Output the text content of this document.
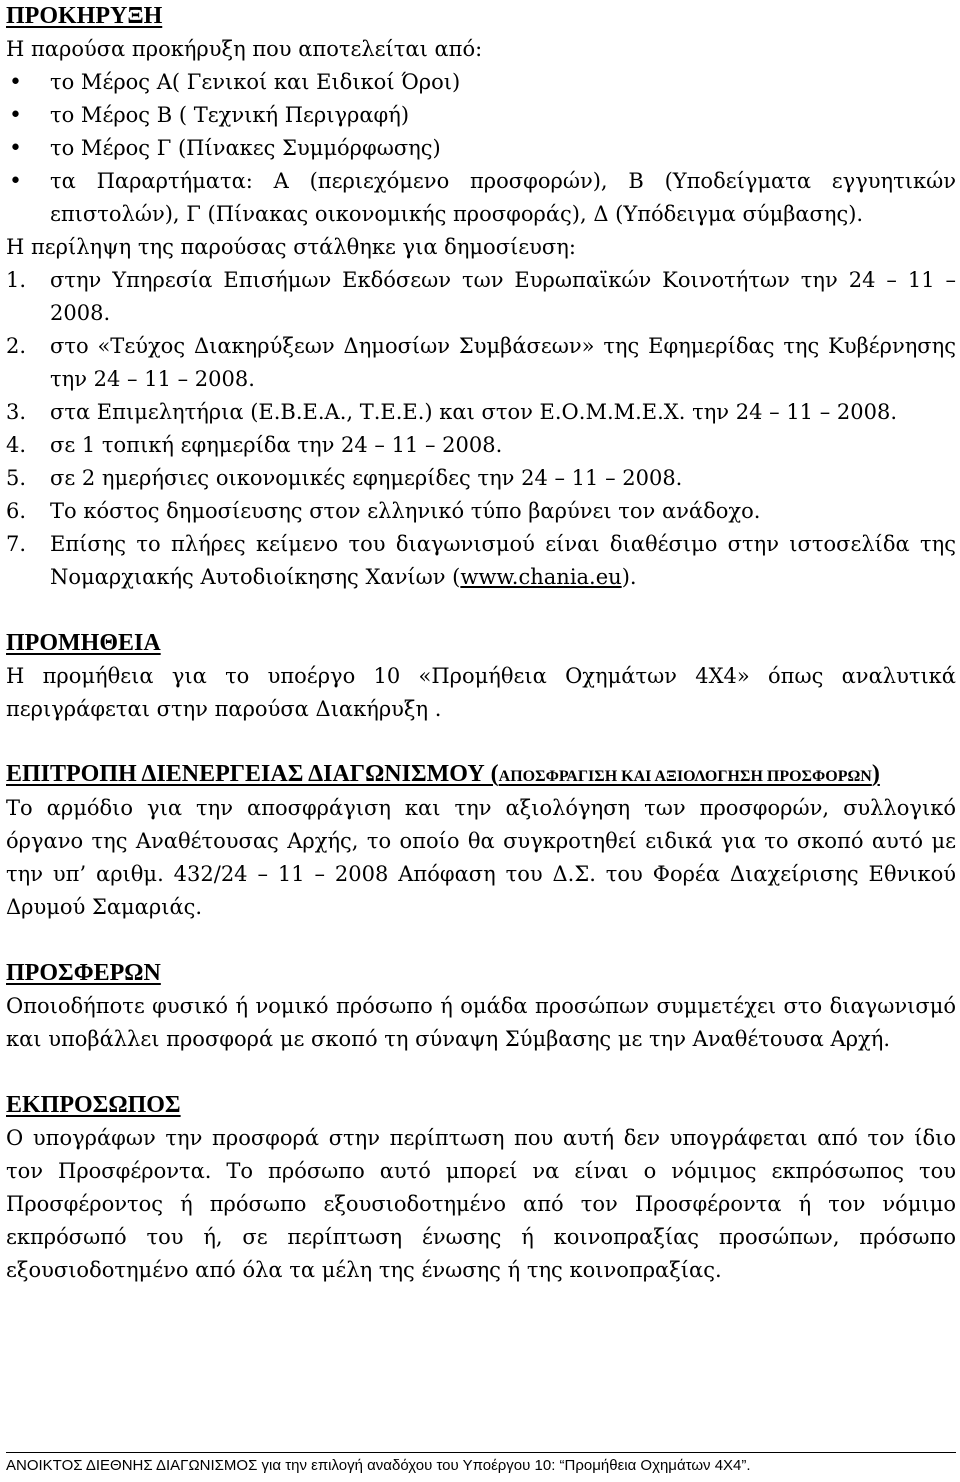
ΠΡΟΚΗΡΥΞΗ

Η παρούσα προκήρυξη που αποτελείται από:

• το Μέρος Α( Γενικοί και Ειδικοί Όροι)
• το Μέρος Β ( Τεχνική Περιγραφή)
• το Μέρος Γ (Πίνακες Συμμόρφωσης)
• τα Παραρτήματα: Α (περιεχόμενο προσφορών), Β (Υποδείγματα εγγυητικών επιστολών), Γ (Πίνακας οικονομικής προσφοράς), Δ (Υπόδειγμα σύμβασης).

Η περίληψη της παρούσας στάλθηκε για δημοσίευση:

1. στην Υπηρεσία Επισήμων Εκδόσεων των Ευρωπαϊκών Κοινοτήτων την 24 – 11 – 2008.
2. στο «Τεύχος Διακηρύξεων Δημοσίων Συμβάσεων» της Εφημερίδας της Κυβέρνησης την 24 – 11 – 2008.
3. στα Επιμελητήρια (Ε.Β.Ε.Α., Τ.Ε.Ε.) και στον Ε.Ο.Μ.Μ.Ε.Χ. την 24 – 11 – 2008.
4. σε 1 τοπική εφημερίδα την 24 – 11 – 2008.
5. σε 2 ημερήσιες οικονομικές εφημερίδες την 24 – 11 – 2008.
6. Το κόστος δημοσίευσης στον ελληνικό τύπο βαρύνει τον ανάδοχο.
7. Επίσης το πλήρες κείμενο του διαγωνισμού είναι διαθέσιμο στην ιστοσελίδα της Νομαρχιακής Αυτοδιοίκησης Χανίων (www.chania.eu).
ΠΡΟΜΗΘΕΙΑ

Η προμήθεια για το υποέργο 10 «Προμήθεια Οχημάτων 4Χ4» όπως αναλυτικά περιγράφεται στην παρούσα Διακήρυξη .

ΕΠΙΤΡΟΠΗ ΔΙΕΝΕΡΓΕΙΑΣ ΔΙΑΓΩΝΙΣΜΟΥ (ΑΠΟΣΦΡΑΓΙΣΗ ΚΑΙ ΑΞΙΟΛΟΓΗΣΗ ΠΡΟΣΦΟΡΩΝ)

Το αρμόδιο για την αποσφράγιση και την αξιολόγηση των προσφορών, συλλογικό όργανο της Αναθέτουσας Αρχής, το οποίο θα συγκροτηθεί ειδικά για το σκοπό αυτό με την υπ’ αριθμ. 432/24 – 11 – 2008 Απόφαση του Δ.Σ. του Φορέα Διαχείρισης Εθνικού Δρυμού Σαμαριάς.

ΠΡΟΣΦΕΡΩΝ

Οποιοδήποτε φυσικό ή νομικό πρόσωπο ή ομάδα προσώπων συμμετέχει στο διαγωνισμό και υποβάλλει προσφορά με σκοπό τη σύναψη Σύμβασης με την Αναθέτουσα Αρχή.

ΕΚΠΡΟΣΩΠΟΣ

Ο υπογράφων την προσφορά στην περίπτωση που αυτή δεν υπογράφεται από τον ίδιο τον Προσφέροντα. Το πρόσωπο αυτό μπορεί να είναι ο νόμιμος εκπρόσωπος του Προσφέροντος ή πρόσωπο εξουσιοδοτημένο από τον Προσφέροντα ή τον νόμιμο εκπρόσωπό του ή, σε περίπτωση ένωσης ή κοινοπραξίας προσώπων, πρόσωπο εξουσιοδοτημένο από όλα τα μέλη της ένωσης ή της κοινοπραξίας.

ΑΝΟΙΚΤΟΣ ΔΙΕΘΝΗΣ ΔΙΑΓΩΝΙΣΜΟΣ για την επιλογή αναδόχου του Υποέργου 10: “Προμήθεια Οχημάτων 4Χ4”.
